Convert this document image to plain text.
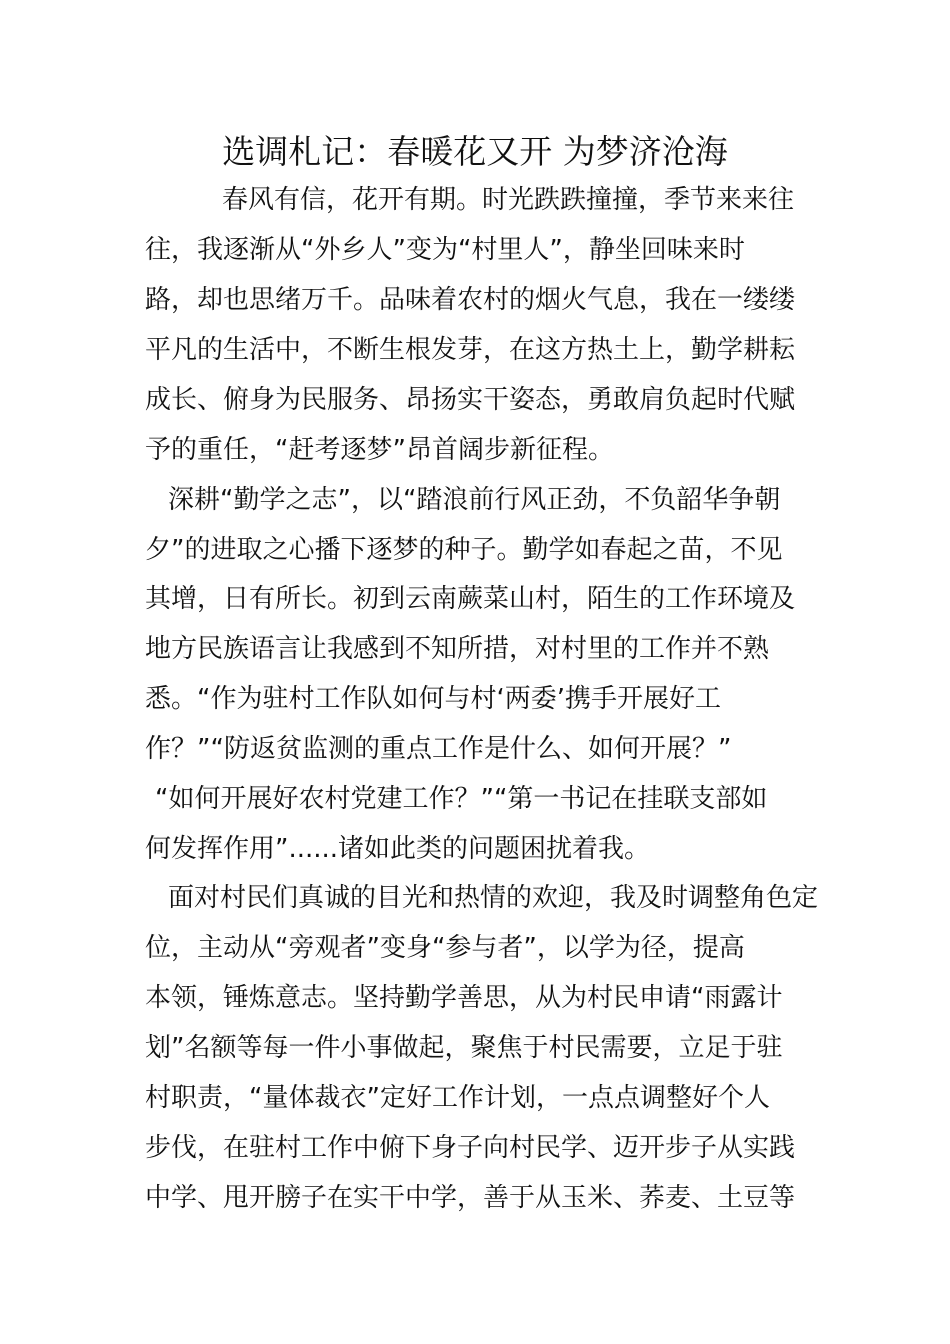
选调札记：春暖花又开 为梦济沧海
　春风有信，花开有期。时光跌跌撞撞，季节来来往
往，我逐渐从“外乡人”变为“村里人”，静坐回味来时
路，却也思绪万千。品味着农村的烟火气息，我在一缕缕
平凡的生活中，不断生根发芽，在这方热土上，勤学耕耘
成长、俯身为民服务、昂扬实干姿态，勇敢肩负起时代赋
予的重任，“赶考逐梦”昂首阔步新征程。
深耕“勤学之志”，以“踏浪前行风正劲，不负韶华争朝
夕”的进取之心播下逐梦的种子。勤学如春起之苗，不见
其增，日有所长。初到云南蕨菜山村，陌生的工作环境及
地方民族语言让我感到不知所措，对村里的工作并不熟
悉。“作为驻村工作队如何与村‘两委’携手开展好工
作？”“防返贫监测的重点工作是什么、如何开展？”
“如何开展好农村党建工作？”“第一书记在挂联支部如
何发挥作用”......诸如此类的问题困扰着我。
面对村民们真诚的目光和热情的欢迎，我及时调整角色定
位，主动从“旁观者”变身“参与者”，以学为径，提高
本领，锤炼意志。坚持勤学善思，从为村民申请“雨露计
划”名额等每一件小事做起，聚焦于村民需要，立足于驻
村职责，“量体裁衣”定好工作计划，一点点调整好个人
步伐，在驻村工作中俯下身子向村民学、迈开步子从实践
中学、甩开膀子在实干中学，善于从玉米、荞麦、土豆等
